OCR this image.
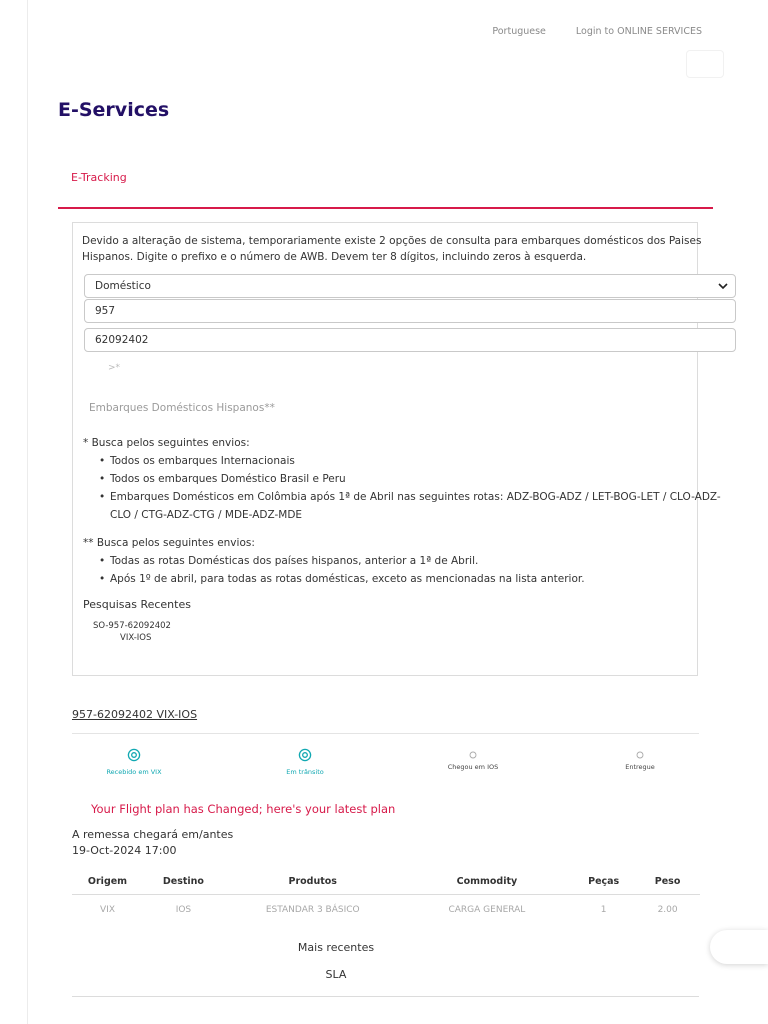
Portuguese	Login to ONLINE SERVICES
E-Services
E-Tracking

Devido a alteração de sistema, temporariamente existe 2 opções de consulta para embarques domésticos dos Paises Hispanos. Digite o prefixo e o número de AWB. Devem ter 8 dígitos, incluindo zeros à esquerda.

Doméstico
957
62092402
>*
Embarques Domésticos Hispanos**

* Busca pelos seguintes envios:

• Todos os embarques Internacionais
• Todos os embarques Doméstico Brasil e Peru
• Embarques Domésticos em Colômbia após 1ª de Abril nas seguintes rotas: ADZ-BOG-ADZ / LET-BOG-LET / CLO-ADZ-CLO / CTG-ADZ-CTG / MDE-ADZ-MDE

** Busca pelos seguintes envios:

• Todas as rotas Domésticas dos países hispanos, anterior a 1ª de Abril.
• Após 1º de abril, para todas as rotas domésticas, exceto as mencionadas na lista anterior.
Pesquisas Recentes
SO-957-62092402
VIX-IOS
957-62092402 VIX-IOS
Recebido em VIX	Em trânsito
Chegou em IOS	Entregue
Your Flight plan has Changed; here's your latest plan
A remessa chegará em/antes
19-Oct-2024 17:00
Origem	Destino	Produtos	Commodity	Peças	Peso
VIX	IOS	ESTANDAR 3 BÁSICO	CARGA GENERAL	1	2.00
Mais recentes
SLA
